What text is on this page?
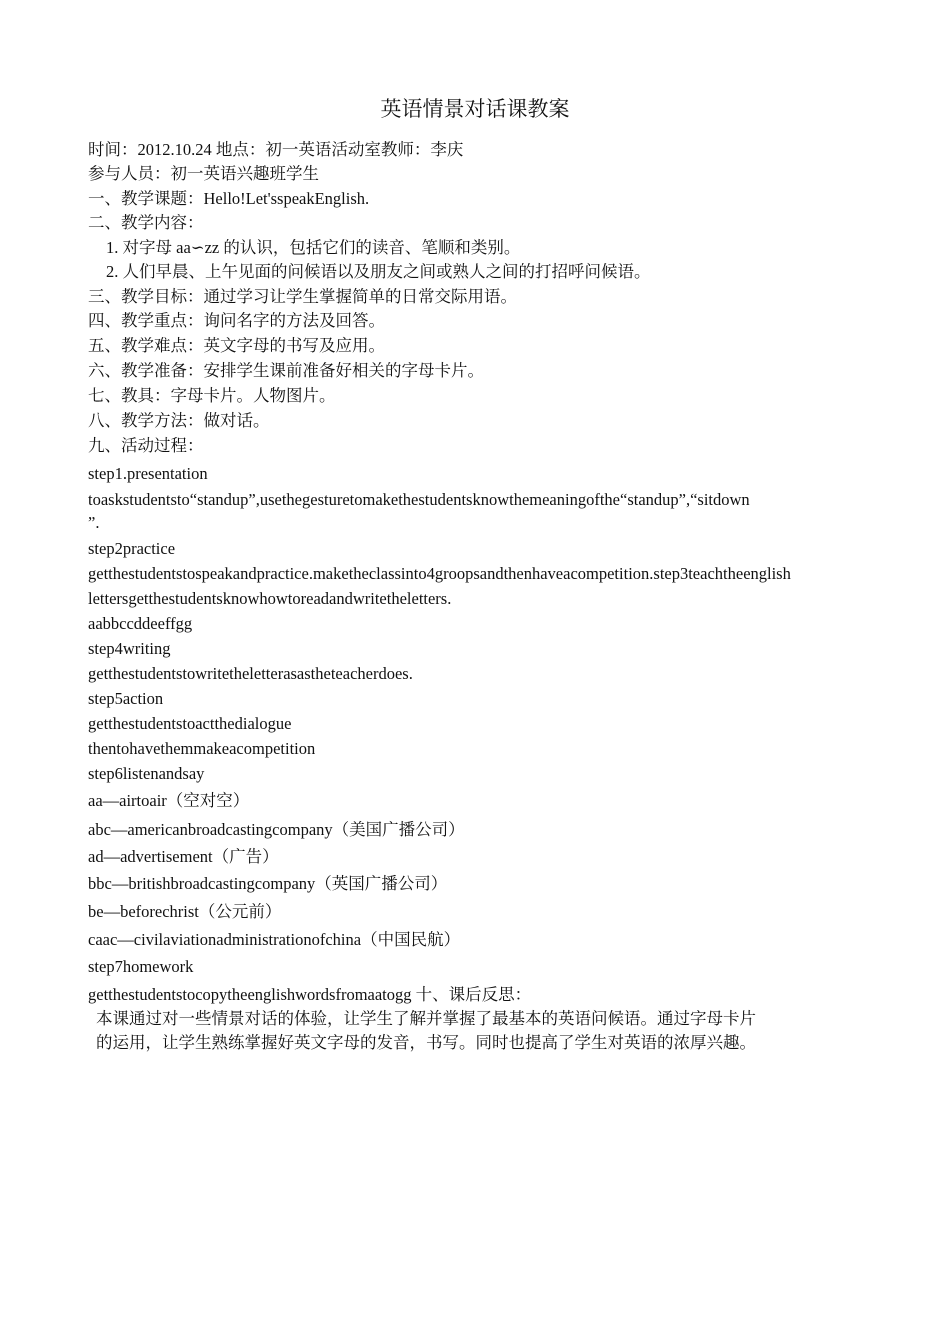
英语情景对话课教案
时间：2012.10.24 地点：初一英语活动室教师：李庆
参与人员：初一英语兴趣班学生
一、教学课题：Hello!Let'sspeakEnglish.
二、教学内容：
1. 对字母 aa∽zz 的认识，包括它们的读音、笔顺和类别。
2. 人们早晨、上午见面的问候语以及朋友之间或熟人之间的打招呼问候语。
三、教学目标：通过学习让学生掌握简单的日常交际用语。
四、教学重点：询问名字的方法及回答。
五、教学难点：英文字母的书写及应用。
六、教学准备：安排学生课前准备好相关的字母卡片。
七、教具：字母卡片。人物图片。
八、教学方法：做对话。
九、活动过程：
step1.presentation
toaskstudentsto“standup”,usethegesturetomakethestudentsknowthemeaningofthe“standup”,“sitdown
”.
step2practice
getthestudentstospeakandpractice.maketheclassinto4groopsandthenhaveacompetition.step3teachtheenglish
lettersgetthestudentsknowhowtoreadandwritetheletters.
aabbccddeeffgg
step4writing
getthestudentstowritetheletterasastheteacherdoes.
step5action
getthestudentstoactthedialogue
thentohavethemmakeacompetition
step6listenandsay
aa—airtoair（空对空）
abc—americanbroadcastingcompany（美国广播公司）
ad—advertisement（广告）
bbc—britishbroadcastingcompany（英国广播公司）
be—beforechrist（公元前）
caac—civilaviationadministrationofchina（中国民航）
step7homework
getthestudentstocopytheenglishwordsfromaatogg 十、课后反思：
本课通过对一些情景对话的体验，让学生了解并掌握了最基本的英语问候语。通过字母卡片
的运用，让学生熟练掌握好英文字母的发音，书写。同时也提高了学生对英语的浓厚兴趣。
